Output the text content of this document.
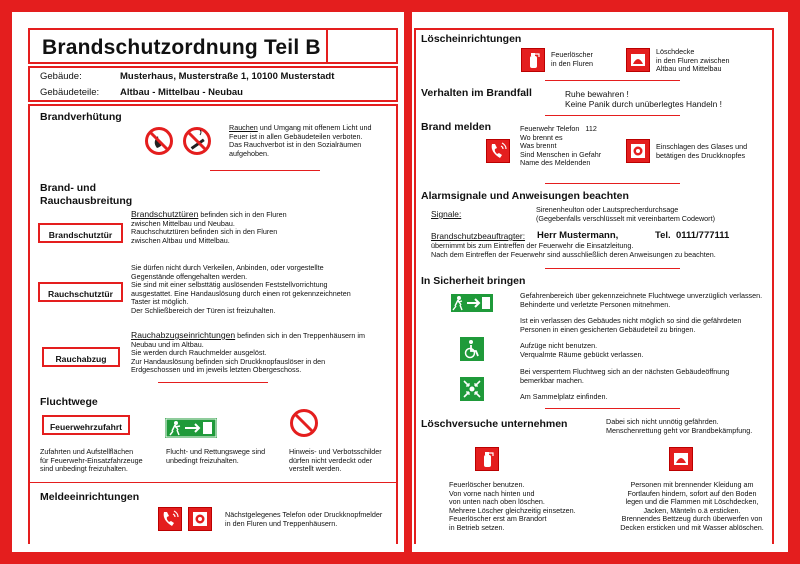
Brandschutzordnung Teil B
Gebäude:	Musterhaus, Musterstraße 1, 10100 Musterstadt
Gebäudeteile: Altbau - Mittelbau - Neubau
Brandverhütung
Rauchen und Umgang mit offenem Licht und
Feuer ist in allen Gebäudeteilen verboten.
Das Rauchverbot ist in den Sozialräumen
aufgehoben.
Brand- und
Rauchausbreitung
Brandschutztür
Brandschutztüren befinden sich in den Fluren
zwischen Mittelbau und Neubau.
Rauchschutztüren befinden sich in den Fluren
zwischen Altbau und Mittelbau.
Rauchschutztür
Sie dürfen nicht durch Verkeilen, Anbinden, oder vorgestellte
Gegenstände offengehalten werden.
Sie sind mit einer selbsttätig auslösenden Feststellvorrichtung
ausgestattet. Eine Handauslösung durch einen rot gekennzeichneten
Taster ist möglich.
Der Schließbereich der Türen ist freizuhalten.
Rauchabzug
Rauchabzugseinrichtungen befinden sich in den Treppenhäusern im
Neubau und im Altbau.
Sie werden durch Rauchmelder ausgelöst.
Zur Handauslösung befinden sich Druckknopfauslöser in den
Erdgeschossen und im jeweils letzten Obergeschoss.
Fluchtwege
Feuerwehrzufahrt
Zufahrten und Aufstellflächen
für Feuerwehr-Einsatzfahrzeuge
sind unbedingt freizuhalten.
Flucht- und Rettungswege sind
unbedingt freizuhalten.
Hinweis- und Verbotsschilder
dürfen nicht verdeckt oder
verstellt werden.
Meldeeinrichtungen
Nächstgelegenes Telefon oder Druckknopfmelder
in den Fluren und Treppenhäusern.
Löscheinrichtungen
Feuerlöscher
in den Fluren
Löschdecke
in den Fluren zwischen
Altbau und Mittelbau
Verhalten im Brandfall	Ruhe bewahren !
Keine Panik durch unüberlegtes Handeln !
Brand melden	Feuerwehr Telefon 112
Wo brennt es
Was brennt
Sind Menschen in Gefahr
Name des Meldenden
Einschlagen des Glases und
betätigen des Druckknopfes
Alarmsignale und Anweisungen beachten
Signale:	Sirenenheulton oder Lautsprecherdurchsage
(Gegebenfalls verschlüsselt mit vereinbartem Codewort)
Brandschutzbeauftragter: Herr Mustermann,	Tel.  0111/777111
übernimmt bis zum Eintreffen der Feuerwehr die Einsatzleitung.
Nach dem Eintreffen der Feuerwehr sind ausschließlich deren Anweisungen zu beachten.
In Sicherheit bringen
Gefahrenbereich über gekennzeichnete Fluchtwege unverzüglich verlassen.
Behinderte und verletzte Personen mitnehmen.
Ist ein verlassen des Gebäudes nicht möglich so sind die gefährdeten
Personen in einen gesicherten Gebäudeteil zu bringen.
Aufzüge nicht benutzen.
Verqualmte Räume gebückt verlassen.
Bei versperrtem Fluchtweg sich an der nächsten Gebäudeöffnung
bemerkbar machen.
Am Sammelplatz einfinden.
Löschversuche unternehmen	Dabei sich nicht unnötig gefährden.
Menschenrettung geht vor Brandbekämpfung.
Feuerlöscher benutzen.
Von vorne nach hinten und
von unten nach oben löschen.
Mehrere Löscher gleichzeitig einsetzen.
Feuerlöscher erst am Brandort
in Betrieb setzen.
Personen mit brennender Kleidung am
Fortlaufen hindern, sofort auf den Boden
legen und die Flammen mit Löschdecken,
Jacken, Mänteln o.ä ersticken.
Brennendes Bettzeug durch überwerfen von
Decken ersticken und mit Wasser ablöschen.
